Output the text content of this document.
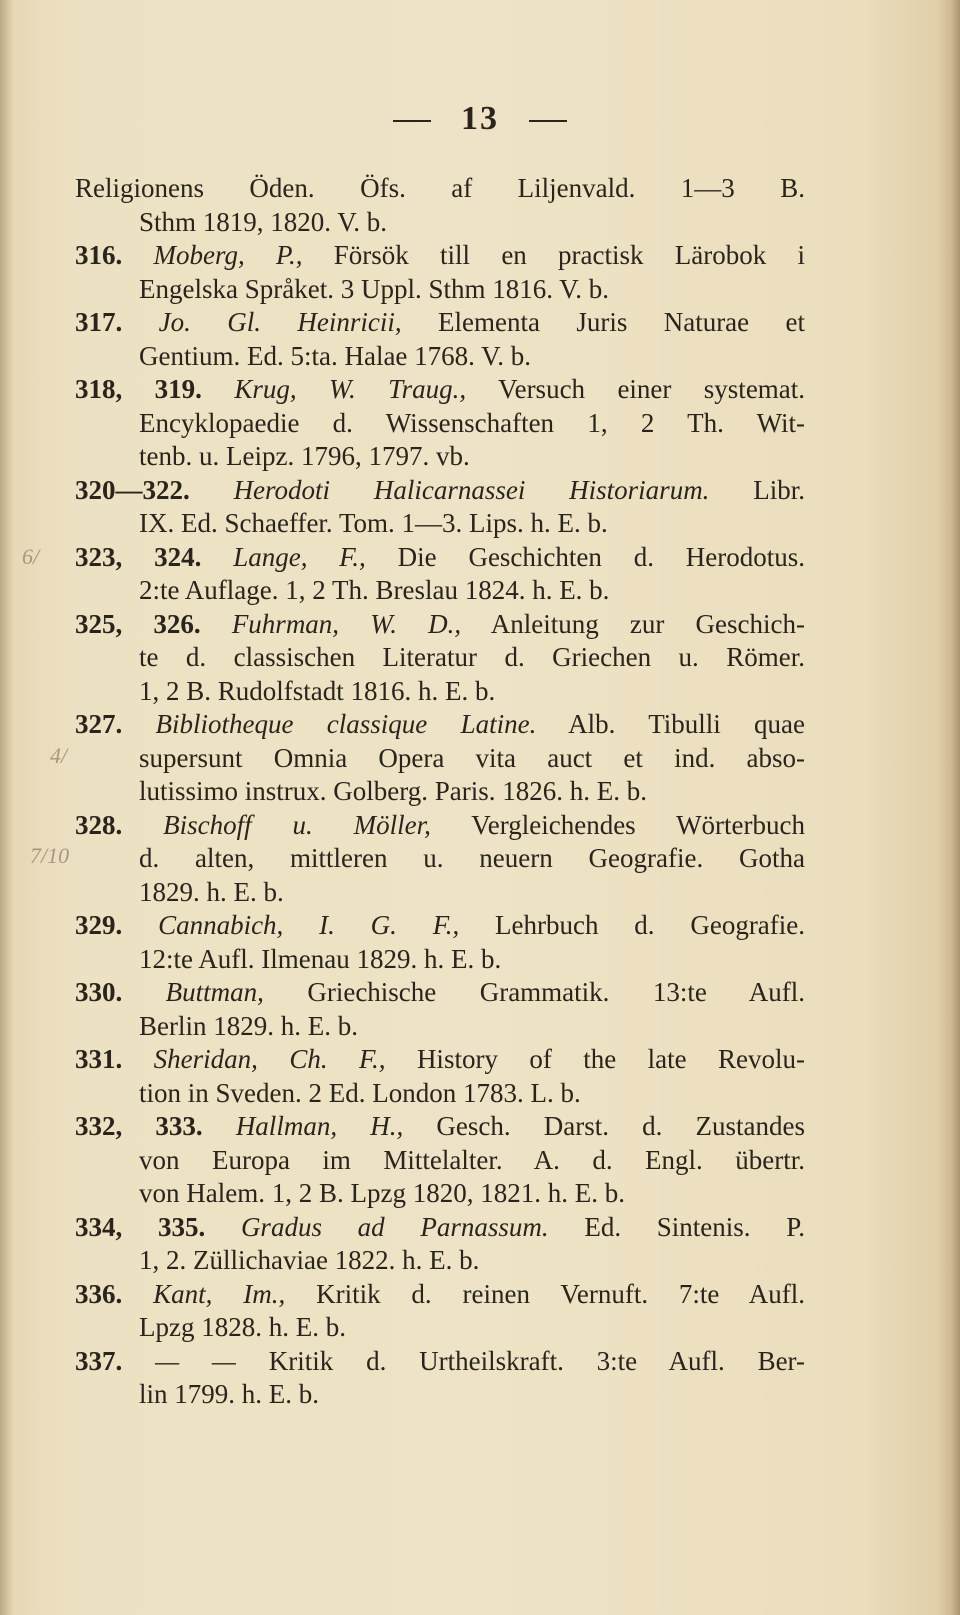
13
4/
7/10
6/
Religionens Öden. Öfs. af Liljenvald. 1—3 B.
Sthm 1819, 1820. V. b.
316. Moberg, P., Försök till en practisk Lärobok i
Engelska Språket. 3 Uppl. Sthm 1816. V. b.
317. Jo. Gl. Heinricii, Elementa Juris Naturae et
Gentium. Ed. 5:ta. Halae 1768. V. b.
318, 319. Krug, W. Traug., Versuch einer systemat.
Encyklopaedie d. Wissenschaften 1, 2 Th. Wit-
tenb. u. Leipz. 1796, 1797. vb.
320—322. Herodoti Halicarnassei Historiarum. Libr.
IX. Ed. Schaeffer. Tom. 1—3. Lips. h. E. b.
323, 324. Lange, F., Die Geschichten d. Herodotus.
2:te Auflage. 1, 2 Th. Breslau 1824. h. E. b.
325, 326. Fuhrman, W. D., Anleitung zur Geschich-
te d. classischen Literatur d. Griechen u. Römer.
1, 2 B. Rudolfstadt 1816. h. E. b.
327. Bibliotheque classique Latine. Alb. Tibulli quae
supersunt Omnia Opera vita auct et ind. abso-
lutissimo instrux. Golberg. Paris. 1826. h. E. b.
328. Bischoff u. Möller, Vergleichendes Wörterbuch
d. alten, mittleren u. neuern Geografie. Gotha
1829. h. E. b.
329. Cannabich, I. G. F., Lehrbuch d. Geografie.
12:te Aufl. Ilmenau 1829. h. E. b.
330. Buttman, Griechische Grammatik. 13:te Aufl.
Berlin 1829. h. E. b.
331. Sheridan, Ch. F., History of the late Revolu-
tion in Sveden. 2 Ed. London 1783. L. b.
332, 333. Hallman, H., Gesch. Darst. d. Zustandes
von Europa im Mittelalter. A. d. Engl. übertr.
von Halem. 1, 2 B. Lpzg 1820, 1821. h. E. b.
334, 335. Gradus ad Parnassum. Ed. Sintenis. P.
1, 2. Züllichaviae 1822. h. E. b.
336. Kant, Im., Kritik d. reinen Vernuft. 7:te Aufl.
Lpzg 1828. h. E. b.
337. — — Kritik d. Urtheilskraft. 3:te Aufl. Ber-
lin 1799. h. E. b.
